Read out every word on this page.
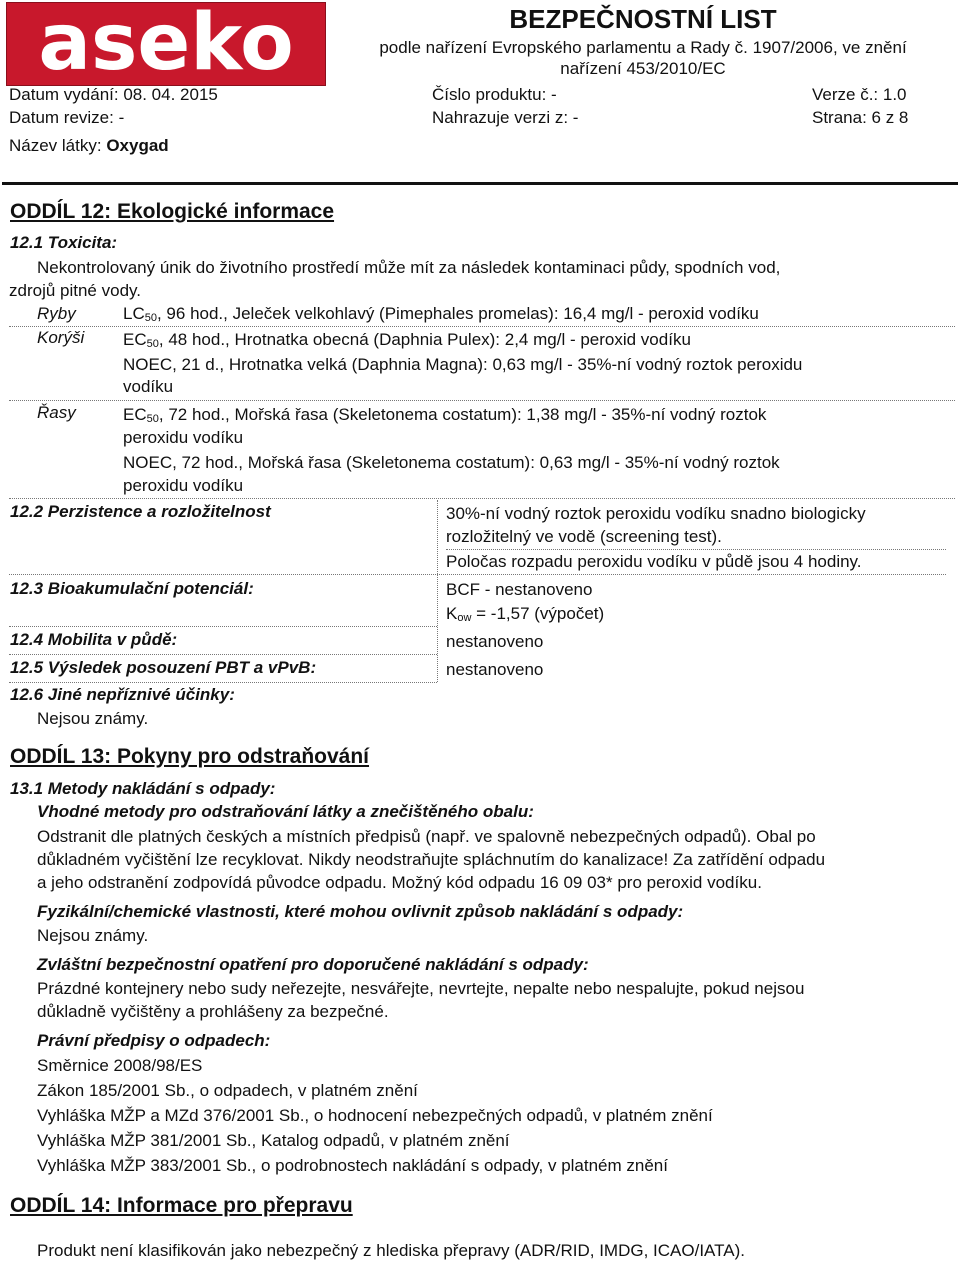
aseko	BEZPEČNOSTNÍ LIST
podle nařízení Evropského parlamentu a Rady č. 1907/2006, ve znění
nařízení 453/2010/EC
Datum vydání: 08. 04. 2015	Číslo produktu: -	Verze č.: 1.0
Datum revize: -	Nahrazuje verzi z: -	Strana: 6 z 8
Název látky: Oxygad
ODDÍL 12: Ekologické informace
12.1 Toxicita:
Nekontrolovaný únik do životního prostředí může mít za následek kontaminaci půdy, spodních vod,
zdrojů pitné vody.
Ryby	$LC_{50}$, 96 hod., Jeleček velkohlavý (Pimephales promelas): 16,4 mg/l - peroxid vodíku
Korýši $EC_{50}$, 48 hod., Hrotnatka obecná (Daphnia Pulex): 2,4 mg/l - peroxid vodíku
NOEC, 21 d., Hrotnatka velká (Daphnia Magna): 0,63 mg/l - 35%-ní vodný roztok peroxidu
vodíku
Řasy	$EC_{50}$, 72 hod., Mořská řasa (Skeletonema costatum): 1,38 mg/l - 35%-ní vodný roztok
peroxidu vodíku
NOEC, 72 hod., Mořská řasa (Skeletonema costatum): 0,63 mg/l - 35%-ní vodný roztok
peroxidu vodíku
12.2 Perzistence a rozložitelnost	30%-ní vodný roztok peroxidu vodíku snadno biologicky
rozložitelný ve vodě (screening test).
Poločas rozpadu peroxidu vodíku v půdě jsou 4 hodiny.
12.3 Bioakumulační potenciál:	BCF - nestanoveno
$K_{ow} = -1,57$ (výpočet)
12.4 Mobilita v půdě:	nestanoveno
12.5 Výsledek posouzení PBT a vPvB:	nestanoveno
12.6 Jiné nepříznivé účinky:
Nejsou známy.
ODDÍL 13: Pokyny pro odstraňování
13.1 Metody nakládání s odpady:
Vhodné metody pro odstraňování látky a znečištěného obalu:
Odstranit dle platných českých a místních předpisů (např. ve spalovně nebezpečných odpadů). Obal po
důkladném vyčištění lze recyklovat. Nikdy neodstraňujte spláchnutím do kanalizace! Za zatřídění odpadu
a jeho odstranění zodpovídá původce odpadu. Možný kód odpadu 16 09 03* pro peroxid vodíku.
Fyzikální/chemické vlastnosti, které mohou ovlivnit způsob nakládání s odpady:
Nejsou známy.
Zvláštní bezpečnostní opatření pro doporučené nakládání s odpady:
Prázdné kontejnery nebo sudy neřezejte, nesvářejte, nevrtejte, nepalte nebo nespalujte, pokud nejsou
důkladně vyčištěny a prohlášeny za bezpečné.
Právní předpisy o odpadech:
Směrnice 2008/98/ES
Zákon 185/2001 Sb., o odpadech, v platném znění
Vyhláška MŽP a MZd 376/2001 Sb., o hodnocení nebezpečných odpadů, v platném znění
Vyhláška MŽP 381/2001 Sb., Katalog odpadů, v platném znění
Vyhláška MŽP 383/2001 Sb., o podrobnostech nakládání s odpady, v platném znění
ODDÍL 14: Informace pro přepravu
Produkt není klasifikován jako nebezpečný z hlediska přepravy (ADR/RID, IMDG, ICAO/IATA).
